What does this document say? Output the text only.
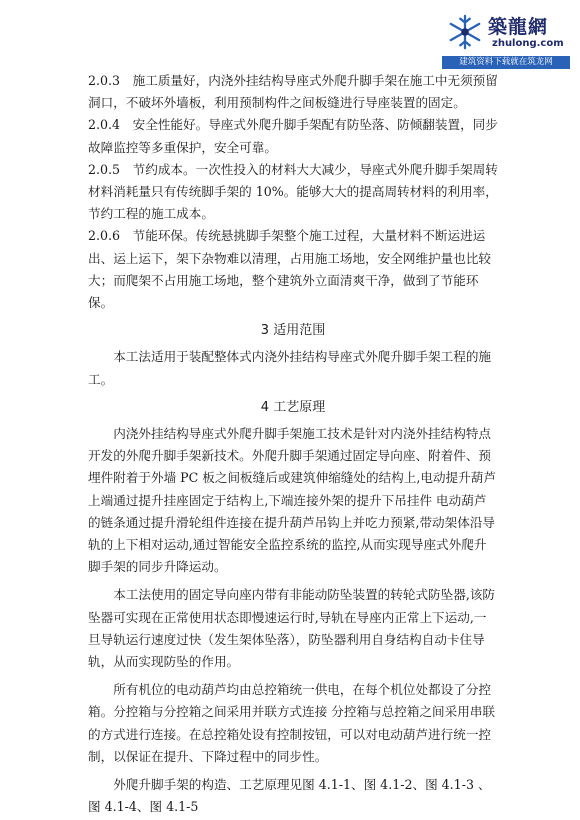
築龍網
zhulong.com
建筑资料下载就在筑龙网

2.0.3　施工质量好，内浇外挂结构导座式外爬升脚手架在施工中无须预留洞口，不破坏外墙板，利用预制构件之间板缝进行导座装置的固定。

2.0.4　安全性能好。导座式外爬升脚手架配有防坠落、防倾翻装置，同步故障监控等多重保护，安全可靠。

2.0.5　节约成本。一次性投入的材料大大减少，导座式外爬升脚手架周转材料消耗量只有传统脚手架的 10%。能够大大的提高周转材料的利用率，节约工程的施工成本。

2.0.6　节能环保。传统悬挑脚手架整个施工过程，大量材料不断运进运出、运上运下，架下杂物难以清理，占用施工场地，安全网维护量也比较大；而爬架不占用施工场地，整个建筑外立面清爽干净，做到了节能环保。

3 适用范围

本工法适用于装配整体式内浇外挂结构导座式外爬升脚手架工程的施工。

4 工艺原理

内浇外挂结构导座式外爬升脚手架施工技术是针对内浇外挂结构特点开发的外爬升脚手架新技术。外爬升脚手架通过固定导向座、附着件、预埋件附着于外墙 PC 板之间板缝后或建筑伸缩缝处的结构上,电动提升葫芦上端通过提升挂座固定于结构上,下端连接外架的提升下吊挂件 电动葫芦的链条通过提升滑轮组件连接在提升葫芦吊钩上并吃力预紧,带动架体沿导轨的上下相对运动,通过智能安全监控系统的监控,从而实现导座式外爬升脚手架的同步升降运动。

本工法使用的固定导向座内带有非能动防坠装置的转轮式防坠器,该防坠器可实现在正常使用状态即慢速运行时,导轨在导座内正常上下运动,一旦导轨运行速度过快（发生架体坠落），防坠器利用自身结构自动卡住导轨，从而实现防坠的作用。

所有机位的电动葫芦均由总控箱统一供电，在每个机位处都设了分控箱。分控箱与分控箱之间采用并联方式连接 分控箱与总控箱之间采用串联的方式进行连接。在总控箱处设有控制按钮，可以对电动葫芦进行统一控制，以保证在提升、下降过程中的同步性。

外爬升脚手架的构造、工艺原理见图 4.1-1、图 4.1-2、图 4.1-3 、图 4.1-4、图 4.1-5
